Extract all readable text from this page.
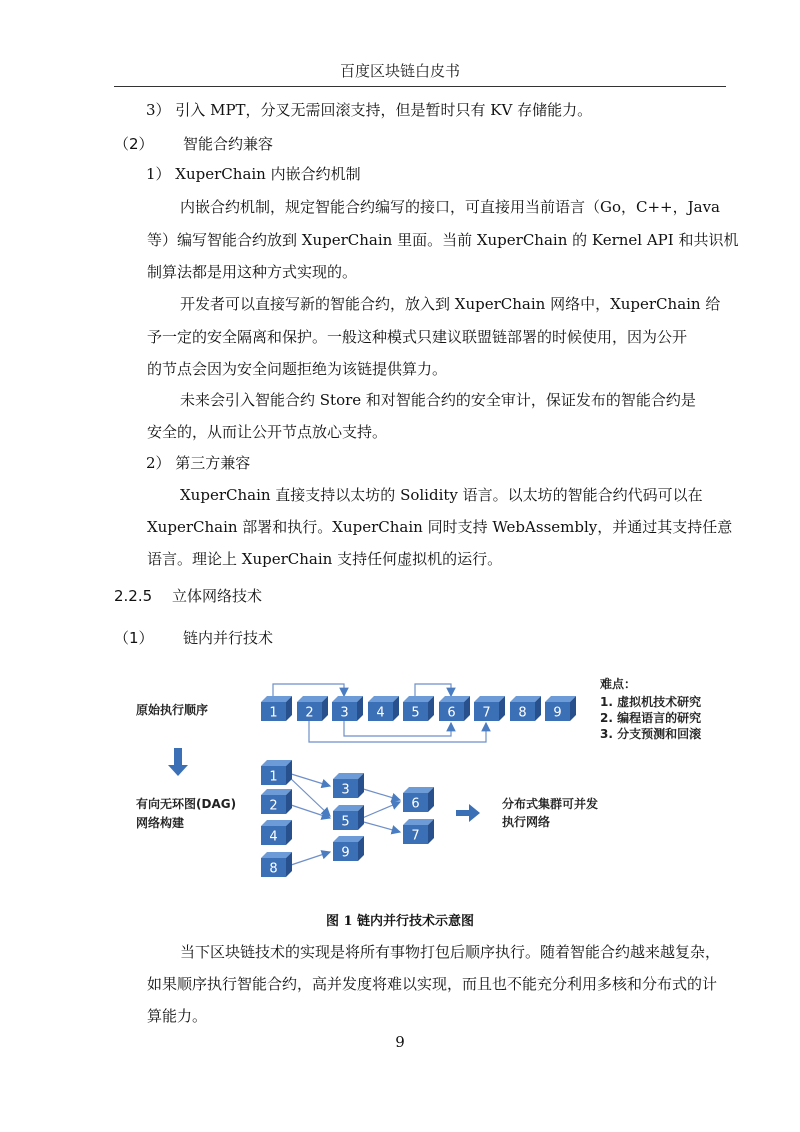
百度区块链白皮书
3） 引入 MPT，分叉无需回滚支持，但是暂时只有 KV 存储能力。
（2） 智能合约兼容
1） XuperChain 内嵌合约机制
内嵌合约机制，规定智能合约编写的接口，可直接用当前语言（Go，C++，Java
等）编写智能合约放到 XuperChain 里面。当前 XuperChain 的 Kernel API 和共识机
制算法都是用这种方式实现的。
开发者可以直接写新的智能合约，放入到 XuperChain 网络中，XuperChain 给
予一定的安全隔离和保护。一般这种模式只建议联盟链部署的时候使用，因为公开
的节点会因为安全问题拒绝为该链提供算力。
未来会引入智能合约 Store 和对智能合约的安全审计，保证发布的智能合约是
安全的，从而让公开节点放心支持。
2） 第三方兼容
XuperChain 直接支持以太坊的 Solidity 语言。以太坊的智能合约代码可以在
XuperChain 部署和执行。XuperChain 同时支持 WebAssembly，并通过其支持任意
语言。理论上 XuperChain 支持任何虚拟机的运行。
2.2.5 立体网络技术
（1） 链内并行技术
1 2 3 4 5 6 7 8 9
1
2
4
8
3
5
9
6
7
原始执行顺序
有向无环图(DAG)
网络构建
难点：
1. 虚拟机技术研究
2. 编程语言的研究
3. 分支预测和回滚
分布式集群可并发
执行网络
图 1 链内并行技术示意图
当下区块链技术的实现是将所有事物打包后顺序执行。随着智能合约越来越复杂，
如果顺序执行智能合约，高并发度将难以实现，而且也不能充分利用多核和分布式的计
算能力。
9
